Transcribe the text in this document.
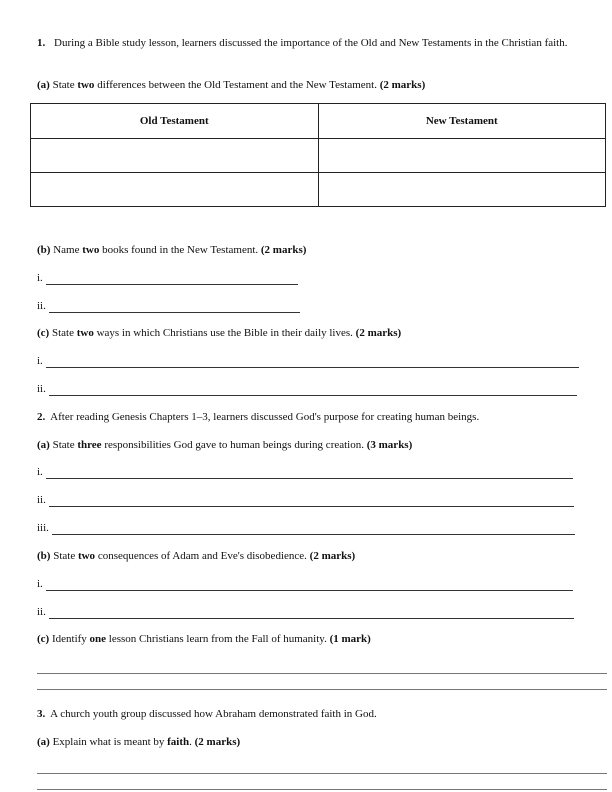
1. During a Bible study lesson, learners discussed the importance of the Old and New Testaments in the Christian faith.
(a) State two differences between the Old Testament and the New Testament. (2 marks)
Old Testament	New Testament

(b) Name two books found in the New Testament. (2 marks)
i.
ii.
(c) State two ways in which Christians use the Bible in their daily lives. (2 marks)
i.
ii.
2. After reading Genesis Chapters 1–3, learners discussed God's purpose for creating human beings.
(a) State three responsibilities God gave to human beings during creation. (3 marks)
i.
ii.
iii.
(b) State two consequences of Adam and Eve's disobedience. (2 marks)
i.
ii.
(c) Identify one lesson Christians learn from the Fall of humanity. (1 mark)
3. A church youth group discussed how Abraham demonstrated faith in God.
(a) Explain what is meant by faith. (2 marks)
